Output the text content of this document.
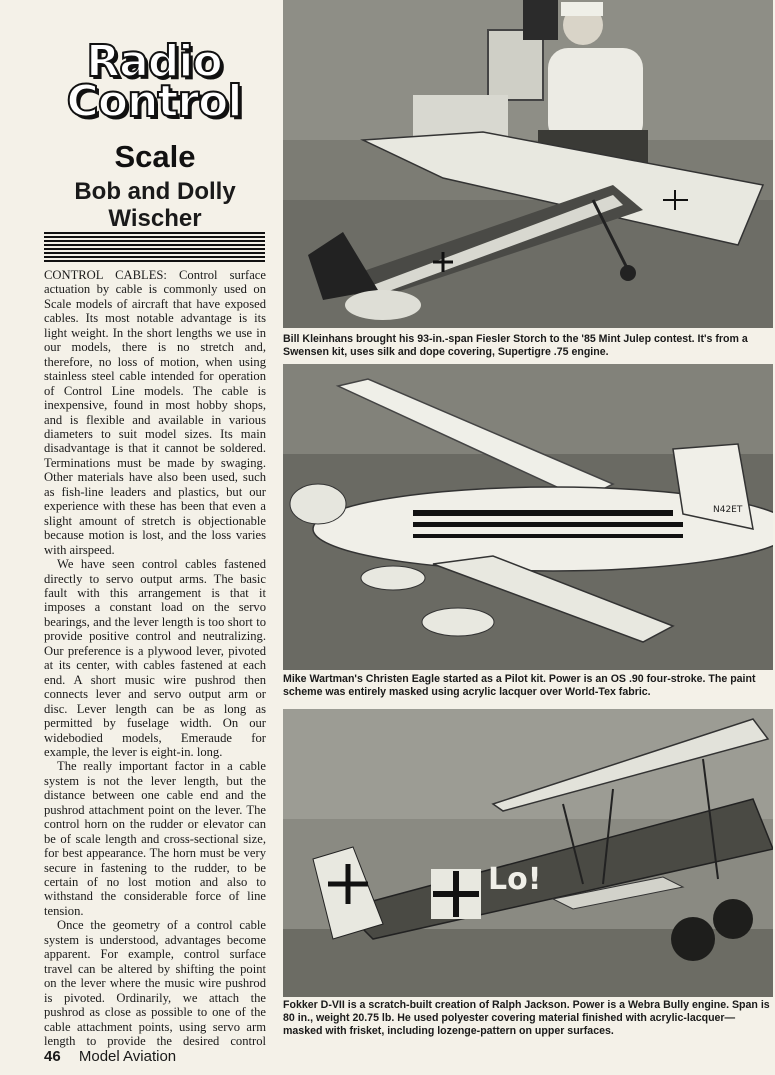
Radio
Control
Scale
Bob and Dolly
Wischer

CONTROL CABLES: Control surface actuation by cable is commonly used on Scale models of aircraft that have exposed cables. Its most notable advantage is its light weight. In the short lengths we use in our models, there is no stretch and, therefore, no loss of motion, when using stainless steel cable intended for operation of Control Line models. The cable is inexpensive, found in most hobby shops, and is flexible and available in various diameters to suit model sizes. Its main disadvantage is that it cannot be soldered. Terminations must be made by swaging. Other materials have also been used, such as fish-line leaders and plastics, but our experience with these has been that even a slight amount of stretch is objectionable because motion is lost, and the loss varies with airspeed.

We have seen control cables fastened directly to servo output arms. The basic fault with this arrangement is that it imposes a constant load on the servo bearings, and the lever length is too short to provide positive control and neutralizing. Our preference is a plywood lever, pivoted at its center, with cables fastened at each end. A short music wire pushrod then connects lever and servo output arm or disc. Lever length can be as long as permitted by fuselage width. On our widebodied models, Emeraude for example, the lever is eight-in. long.

The really important factor in a cable system is not the lever length, but the distance between one cable end and the pushrod attachment point on the lever. The control horn on the rudder or elevator can be of scale length and cross-sectional size, for best appearance. The horn must be very secure in fastening to the rudder, to be certain of no lost motion and also to withstand the considerable force of line tension.

Once the geometry of a control cable system is understood, advantages become apparent. For example, control surface travel can be altered by shifting the point on the lever where the music wire pushrod is pivoted. Ordinarily, we attach the pushrod as close as possible to one of the cable attachment points, using servo arm length to provide the desired control

46 Model Aviation
Bill Kleinhans brought his 93-in.-span Fiesler Storch to the '85 Mint Julep contest. It's from a Swensen kit, uses silk and dope covering, Supertigre .75 engine.
N42ET
Mike Wartman's Christen Eagle started as a Pilot kit. Power is an OS .90 four-stroke. The paint scheme was entirely masked using acrylic lacquer over World-Tex fabric.
Lo!
Fokker D-VII is a scratch-built creation of Ralph Jackson. Power is a Webra Bully engine. Span is 80 in., weight 20.75 lb. He used polyester covering material finished with acrylic-lacquer—masked with frisket, including lozenge-pattern on upper surfaces.
